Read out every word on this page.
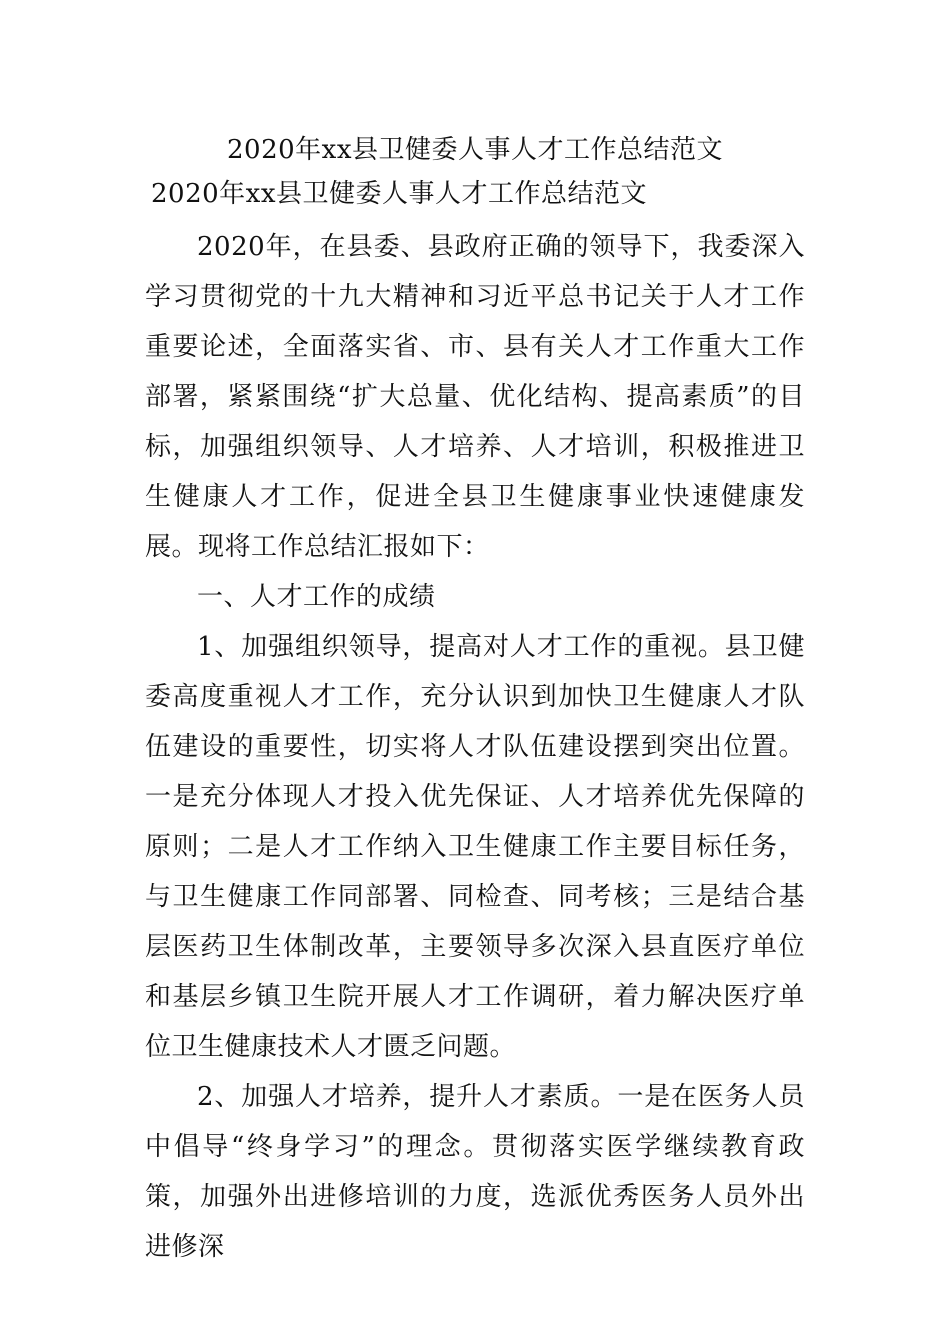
2020年xx县卫健委人事人才工作总结范文
2020年xx县卫健委人事人才工作总结范文

2020年，在县委、县政府正确的领导下，我委深入学习贯彻党的十九大精神和习近平总书记关于人才工作重要论述，全面落实省、市、县有关人才工作重大工作部署，紧紧围绕“扩大总量、优化结构、提高素质”的目标，加强组织领导、人才培养、人才培训，积极推进卫生健康人才工作，促进全县卫生健康事业快速健康发展。现将工作总结汇报如下：

一、人才工作的成绩

1、加强组织领导，提高对人才工作的重视。县卫健委高度重视人才工作，充分认识到加快卫生健康人才队伍建设的重要性，切实将人才队伍建设摆到突出位置。一是充分体现人才投入优先保证、人才培养优先保障的原则；二是人才工作纳入卫生健康工作主要目标任务，与卫生健康工作同部署、同检查、同考核；三是结合基层医药卫生体制改革，主要领导多次深入县直医疗单位和基层乡镇卫生院开展人才工作调研，着力解决医疗单位卫生健康技术人才匮乏问题。

2、加强人才培养，提升人才素质。一是在医务人员中倡导“终身学习”的理念。贯彻落实医学继续教育政策，加强外出进修培训的力度，选派优秀医务人员外出进修深
